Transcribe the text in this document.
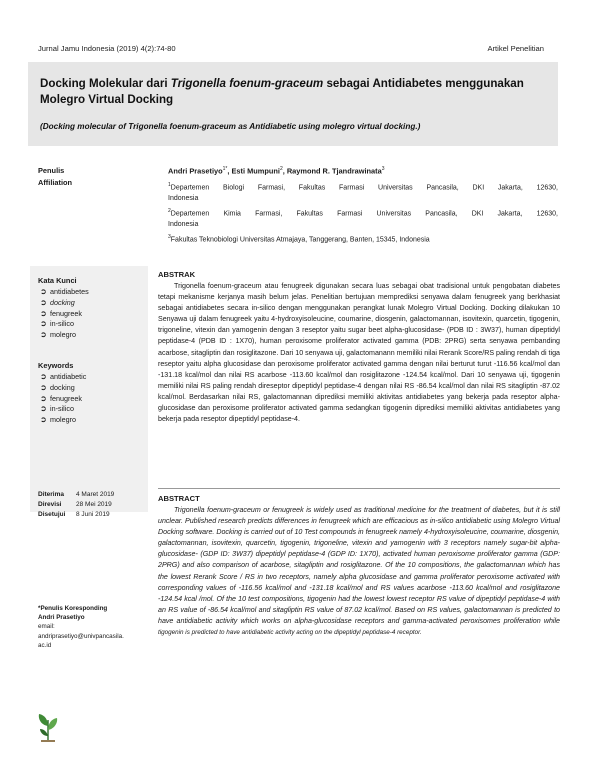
Jurnal Jamu Indonesia (2019) 4(2):74-80	Artikel Penelitian
Docking Molekular dari Trigonella foenum-graceum sebagai Antidiabetes menggunakan Molegro Virtual Docking
(Docking molecular of Trigonella foenum-graceum as Antidiabetic using molegro virtual docking.)
Penulis
Affiliation
Andri Prasetiyo$^{1*}$, Esti Mumpuni$^2$, Raymond R. Tjandrawinata$^3$
$^1$Departemen Biologi Farmasi, Fakultas Farmasi Universitas Pancasila, DKI Jakarta, 12630,
Indonesia
$^2$Departemen Kimia Farmasi, Fakultas Farmasi Universitas Pancasila, DKI Jakarta, 12630,
Indonesia
$^3$Fakultas Teknobiologi Universitas Atmajaya, Tanggerang, Banten, 15345, Indonesia
Kata Kunci
➲ antidiabetes
➲ docking
➲ fenugreek
➲ in-silico
➲ molegro
Keywords
➲ antidiabetic
➲ docking
➲ fenugreek
➲ in-silico
➲ molegro
Diterima	4 Maret 2019
Direvisi	28 Mei 2019
Disetujui	8 Juni 2019
*Penulis Koresponding
Andri Prasetiyo
email:
andriprasetiyo@univpancasila.
ac.id
ABSTRAK
Trigonella foenum-graceum atau fenugreek digunakan secara luas sebagai obat tradisional untuk pengobatan diabetes tetapi mekanisme kerjanya masih belum jelas. Penelitian bertujuan memprediksi senyawa dalam fenugreek yang berkhasiat sebagai antidiabetes secara in-silico dengan menggunakan perangkat lunak Molegro Virtual Docking. Docking dilakukan 10 Senyawa uji dalam fenugreek yaitu 4-hydroxyisoleucine, coumarine, diosgenin, galactomannan, isovitexin, quarcetin, tigogenin, trigoneline, vitexin dan yamogenin dengan 3 reseptor yaitu sugar beet alpha-glucosidase- (PDB ID : 3W37), human dipeptidyl peptidase-4 (PDB ID : 1X70), human peroxisome proliferator activated gamma (PDB: 2PRG) serta senyawa pembanding acarbose, sitagliptin dan rosiglitazone. Dari 10 senyawa uji, galactomanann memiliki nilai Rerank Score/RS paling rendah di tiga reseptor yaitu alpha glucosidase dan peroxisome proliferator activated gamma dengan nilai berturut turut -116.56 kcal/mol dan -131.18 kcal/mol dan nilai RS acarbose -113.60 kcal/mol dan rosiglitazone -124.54 kcal/mol. Dari 10 senyawa uji, tigogenin memiliki nilai RS paling rendah direseptor dipeptidyl peptidase-4 dengan nilai RS -86.54 kcal/mol dan nilai RS sitagliptin -87.02 kcal/mol. Berdasarkan nilai RS, galactomannan diprediksi memiliki aktivitas antidiabetes yang bekerja pada reseptor alpha-glucosidase dan peroxisome proliferator activated gamma sedangkan tigogenin diprediksi memiliki aktivitas antidiabetes yang bekerja pada reseptor dipeptidyl peptidase-4.
ABSTRACT
Trigonella foenum-graceum or fenugreek is widely used as traditional medicine for the treatment of diabetes, but it is still unclear. Published research predicts differences in fenugreek which are efficacious as in-silico antidiabetic using Molegro Virtual Docking software. Docking is carried out of 10 Test compounds in fenugreek namely 4-hydroxyisoleucine, coumarine, diosgenin, galactomannan, isovitexin, quarcetin, tigogenin, trigoneline, vitexin and yamogenin with 3 receptors namely sugar-bit alpha-glucosidase- (GDP ID: 3W37) dipeptidyl peptidase-4 (GDP ID: 1X70), activated human peroxisome proliferator gamma (GDP: 2PRG) and also comparison of acarbose, sitagliptin and rosiglitazone. Of the 10 compositions, the galactomannan which has the lowest Rerank Score / RS in two receptors, namely alpha glucosidase and gamma proliferator peroxisome activated with corresponding values of -116.56 kcal/mol and -131.18 kcal/mol and RS values acarbose -113.60 kcal/mol and rosiglitazone -124.54 kcal /mol. Of the 10 test compositions, tigogenin had the lowest lowest receptor RS value of dipeptidyl peptidase-4 with an RS value of -86.54 kcal/mol and sitagliptin RS value of 87.02 kcal/mol. Based on RS values, galactomannan is predicted to have antidiabetic activity which works on alpha-glucosidase receptors and gamma-activated peroxisomes proliferation while tigogenin is predicted to have antidiabetic activity acting on the dipeptidyl peptidase-4 receptor.
